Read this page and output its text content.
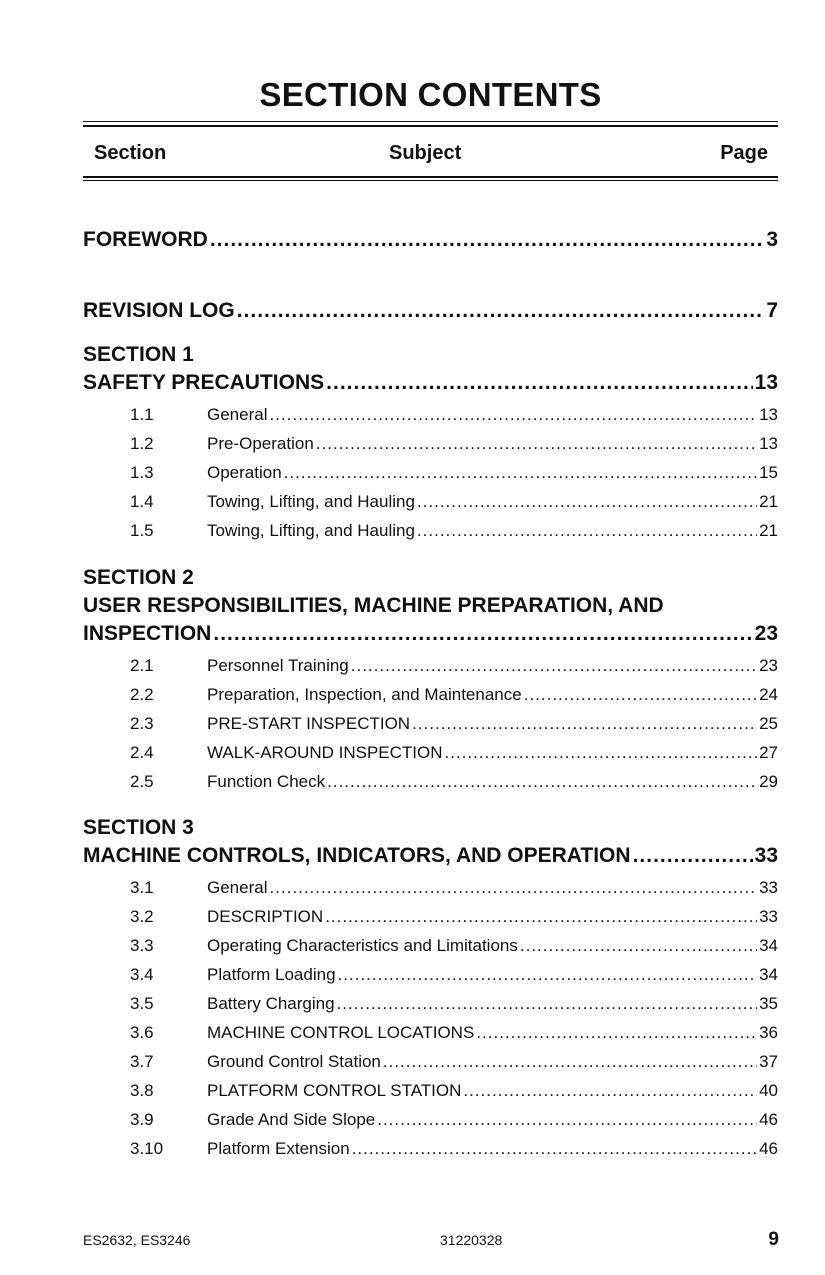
SECTION CONTENTS
Section	Subject	Page
FOREWORD .....	3
REVISION LOG .....	7
SECTION 1
SAFETY PRECAUTIONS .....	13
1.1	General .....	13
1.2	Pre-Operation .....	13
1.3	Operation .....	15
1.4	Towing, Lifting, and Hauling .....	21
1.5	Towing, Lifting, and Hauling .....	21
SECTION 2
USER RESPONSIBILITIES, MACHINE PREPARATION, AND
INSPECTION .....	23
2.1	Personnel Training .....	23
2.2	Preparation, Inspection, and Maintenance .....	24
2.3	PRE-START INSPECTION .....	25
2.4	WALK-AROUND INSPECTION .....	27
2.5	Function Check .....	29
SECTION 3
MACHINE CONTROLS, INDICATORS, AND OPERATION .....	33
3.1	General .....	33
3.2	DESCRIPTION .....	33
3.3	Operating Characteristics and Limitations .....	34
3.4	Platform Loading .....	34
3.5	Battery Charging .....	35
3.6	MACHINE CONTROL LOCATIONS .....	36
3.7	Ground Control Station .....	37
3.8	PLATFORM CONTROL STATION .....	40
3.9	Grade And Side Slope .....	46
3.10	Platform Extension .....	46
ES2632, ES3246	31220328	9
